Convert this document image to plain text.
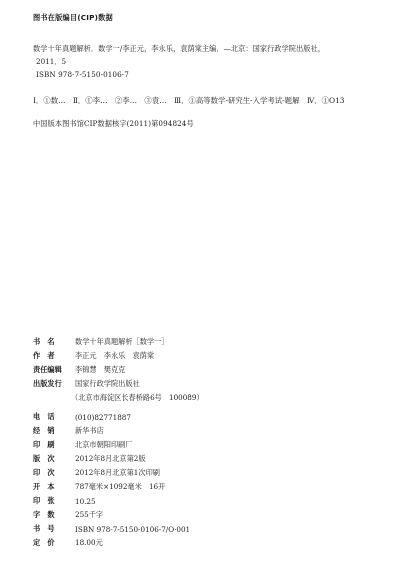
图书在版编目(CIP)数据
数学十年真题解析．数学一/李正元，李永乐，袁荫棠主编．—北京：国家行政学院出版社，
2011．5
ISBN 978-7-5150-0106-7
Ⅰ．①数…　Ⅱ．①李…　②李…　③袁…　Ⅲ．①高等数学-研究生-入学考试-题解　Ⅳ．①O13
中国版本图书馆CIP数据核字(2011)第094824号
书　名	数学十年真题解析［数学一］
作　者	李正元　李永乐　袁荫棠
责任编辑	李锦慧　樊克克
出版发行	国家行政学院出版社
（北京市海淀区长春桥路6号　100089）
电　话	(010)82771887
经　销	新华书店
印　刷	北京市朝阳印刷厂
版　次	2012年8月北京第2版
印　次	2012年8月北京第1次印刷
开　本	787毫米×1092毫米　16开
印　张	10.25
字　数	255千字
书　号	ISBN 978-7-5150-0106-7/O·001
定　价	18.00元
